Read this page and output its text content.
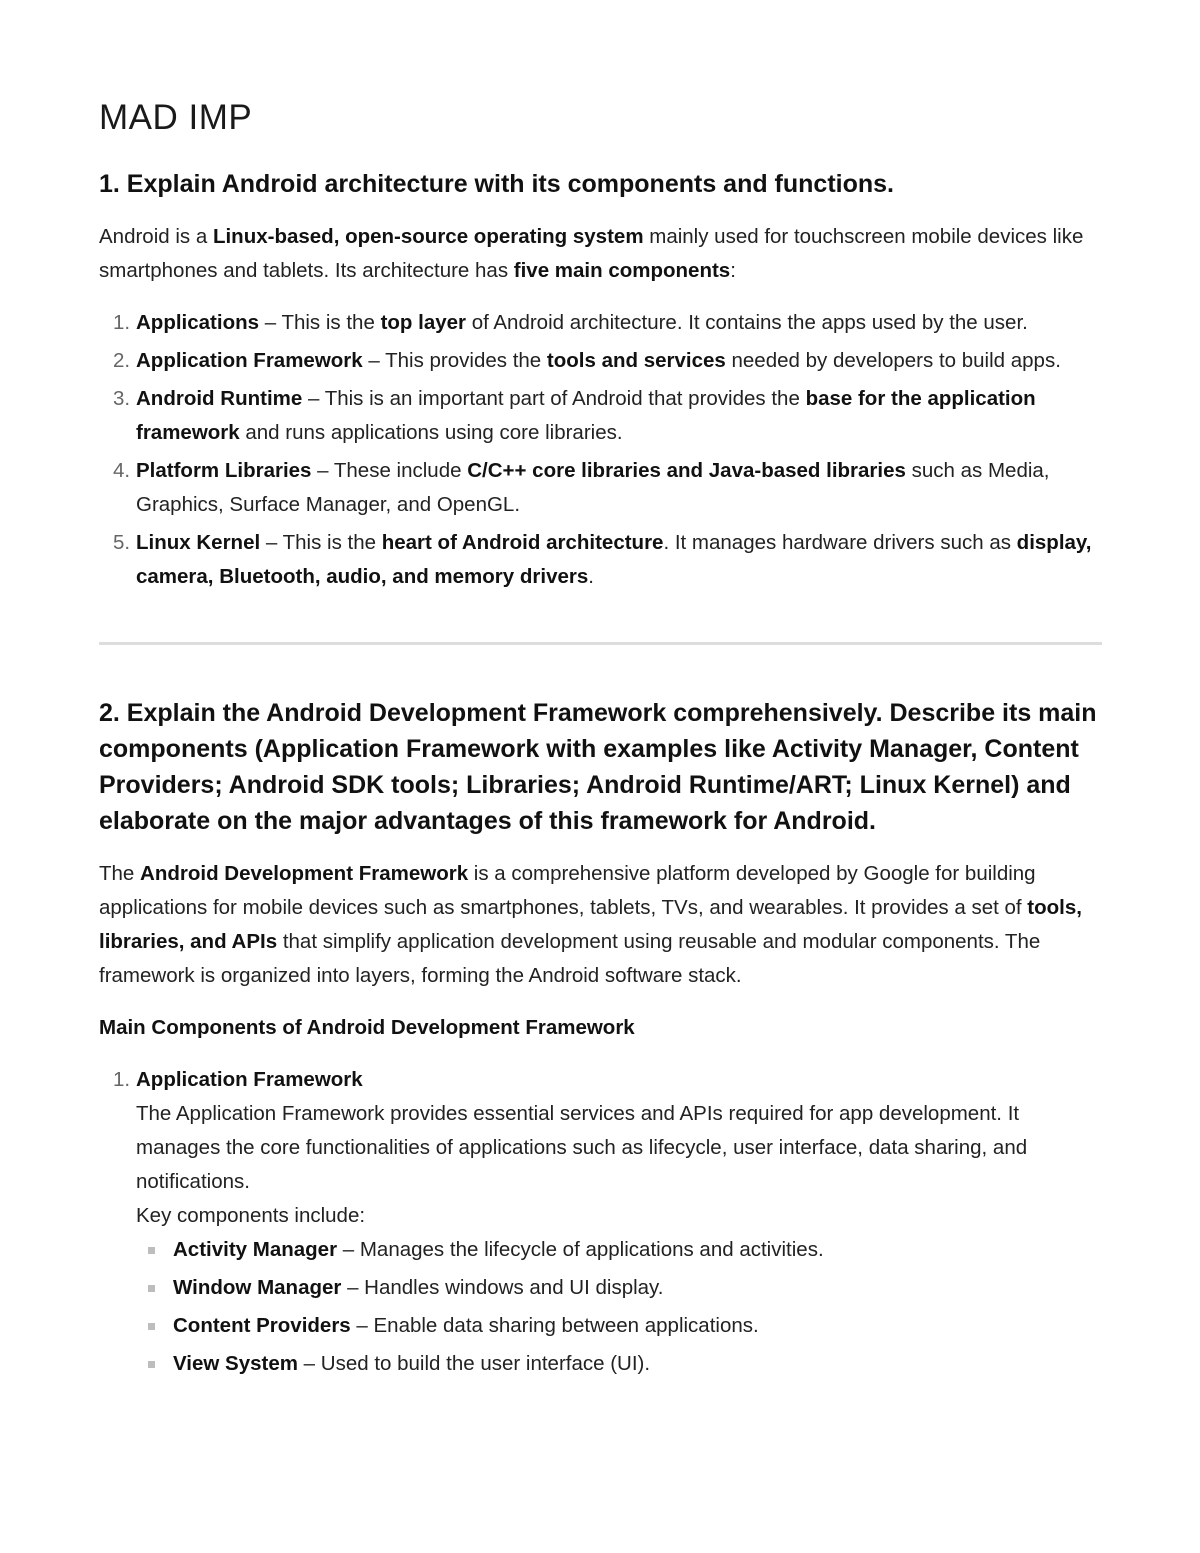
MAD IMP
1. Explain Android architecture with its components and functions.

Android is a Linux-based, open-source operating system mainly used for touchscreen mobile devices like smartphones and tablets. Its architecture has five main components:

1. Applications – This is the top layer of Android architecture. It contains the apps used by the user.
2. Application Framework – This provides the tools and services needed by developers to build apps.
3. Android Runtime – This is an important part of Android that provides the base for the application framework and runs applications using core libraries.
4. Platform Libraries – These include C/C++ core libraries and Java-based libraries such as Media, Graphics, Surface Manager, and OpenGL.
5. Linux Kernel – This is the heart of Android architecture. It manages hardware drivers such as display, camera, Bluetooth, audio, and memory drivers.
2. Explain the Android Development Framework comprehensively. Describe its main components (Application Framework with examples like Activity Manager, Content Providers; Android SDK tools; Libraries; Android Runtime/ART; Linux Kernel) and elaborate on the major advantages of this framework for Android.

The Android Development Framework is a comprehensive platform developed by Google for building applications for mobile devices such as smartphones, tablets, TVs, and wearables. It provides a set of tools, libraries, and APIs that simplify application development using reusable and modular components. The framework is organized into layers, forming the Android software stack.

Main Components of Android Development Framework
1. Application Framework
The Application Framework provides essential services and APIs required for app development. It manages the core functionalities of applications such as lifecycle, user interface, data sharing, and notifications.
Key components include:
Activity Manager – Manages the lifecycle of applications and activities.
Window Manager – Handles windows and UI display.
Content Providers – Enable data sharing between applications.
View System – Used to build the user interface (UI).
